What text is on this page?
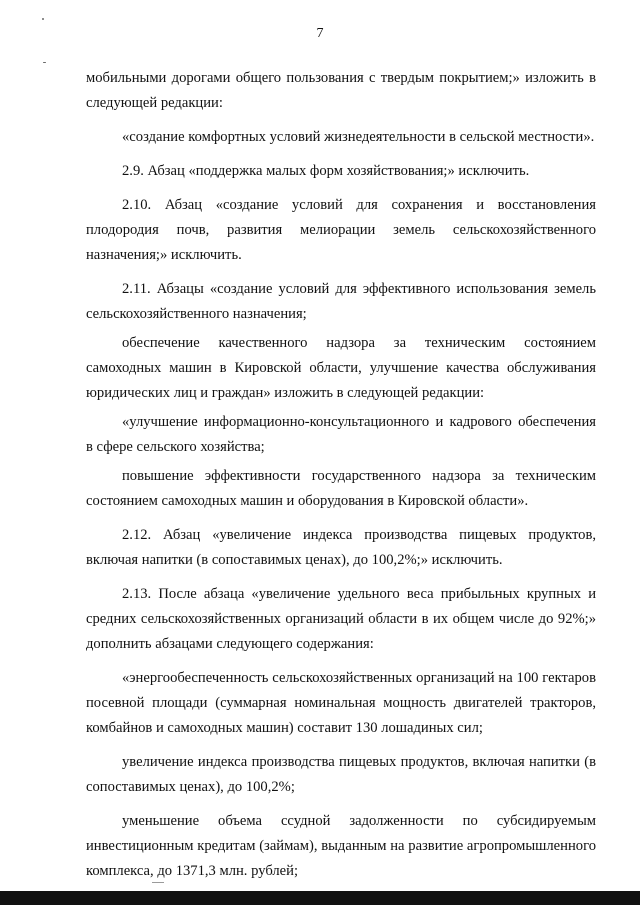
7

мобильными дорогами общего пользования с твердым покрытием;» изложить в следующей редакции:

«создание комфортных условий жизнедеятельности в сельской местности».

2.9. Абзац «поддержка малых форм хозяйствования;» исключить.

2.10. Абзац «создание условий для сохранения и восстановления плодородия почв, развития мелиорации земель сельскохозяйственного назначения;» исключить.

2.11. Абзацы «создание условий для эффективного использования земель сельскохозяйственного назначения;

обеспечение качественного надзора за техническим состоянием самоходных машин в Кировской области, улучшение качества обслуживания юридических лиц и граждан» изложить в следующей редакции:

«улучшение информационно-консультационного и кадрового обеспечения в сфере сельского хозяйства;

повышение эффективности государственного надзора за техническим состоянием самоходных машин и оборудования в Кировской области».

2.12. Абзац «увеличение индекса производства пищевых продуктов, включая напитки (в сопоставимых ценах), до 100,2%;» исключить.

2.13. После абзаца «увеличение удельного веса прибыльных крупных и средних сельскохозяйственных организаций области в их общем числе до 92%;» дополнить абзацами следующего содержания:

«энергообеспеченность сельскохозяйственных организаций на 100 гектаров посевной площади (суммарная номинальная мощность двигателей тракторов, комбайнов и самоходных машин) составит 130 лошадиных сил;

увеличение индекса производства пищевых продуктов, включая напитки (в сопоставимых ценах), до 100,2%;

уменьшение объема ссудной задолженности по субсидируемым инвестиционным кредитам (займам), выданным на развитие агропромышленного комплекса, до 1371,3 млн. рублей;
